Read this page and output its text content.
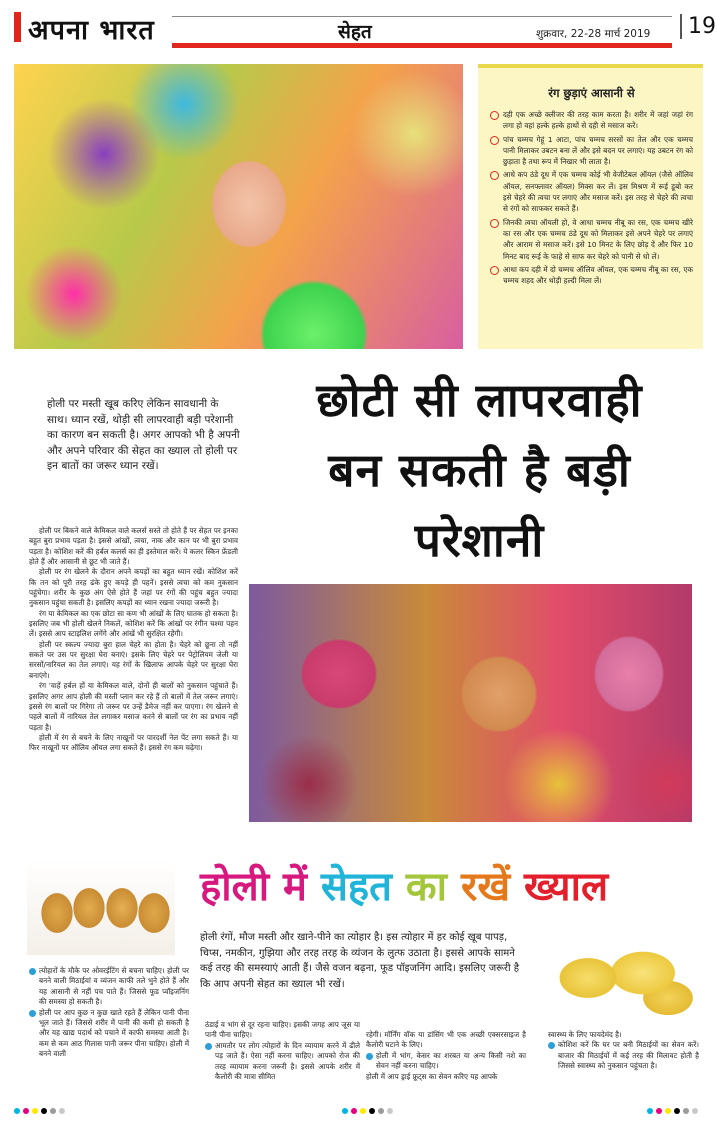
अपना भारत	सेहत	शुक्रवार, 22-28 मार्च 2019	19
रंग छुड़ाएं आसानी से
दही एक अच्छे क्लीजर की तरह काम करता है। शरीर में जहां जहां रंग लगा हो वहां हल्के हल्के हाथों से दही से मसाज करें।
पांच चम्मच गेहूं 1 आटा, पांच चम्मच सरसों का तेल और एक चम्मच पानी मिलाकर उबटन बना लें और इसे बदन पर लगाएं। यह उबटन रंग को छुड़ाता है तथा रूप में निखार भी लाता है।
आधे कप ठंडे दूध में एक चम्मच कोई भी वेजीटेबल ऑयल (जैसे ऑलिव ऑयल, सनफ्लावर ऑयल) मिक्स कर लें। इस मिश्रण में रूई डूबो कर इसे चेहरे की त्वचा पर लगाएं और मसाज करें। इस तरह से चेहरे की त्वचा से रंगों को साफकर सकते हैं।
जिनकी त्वचा ऑयली हो, वे आधा चम्मच नीबू का रस, एक चम्मच खीरे का रस और एक चम्मच ठंडे दूध को मिलाकर इसे अपने चेहरे पर लगाएं और आराम से मसाज करें। इसे 10 मिनट के लिए छोड़ दें और फिर 10 मिनट बाद रूई के फाहे से साफ कर चेहरे को पानी से धो लें।
आधा कप दही में दो चम्मच ऑलिव ऑयल, एक चम्मच नीबू का रस, एक चम्मच शहद और थोड़ी हल्दी मिला लें।
छोटी सी लापरवाही
बन सकती है बड़ी
परेशानी
होली पर मस्ती खूब करिए लेकिन सावधानी के साथ। ध्यान रखें, थोड़ी सी लापरवाही बड़ी परेशानी का कारण बन सकती है। अगर आपको भी है अपनी और अपने परिवार की सेहत का ख्याल तो होली पर इन बातों का जरूर ध्यान रखें।

होली पर बिकने वाले केमिकल वाले कलर्स सस्ते तो होते हैं पर सेहत पर इनका बहुत बुरा प्रभाव पड़ता है। इससे आंखों, त्वचा, नाक और कान पर भी बुरा प्रभाव पड़ता है। कोशिश करें की हर्बल कलर्स का ही इस्तेमाल करें। ये कलर स्किन फ्रेंडली होते हैं और आसानी से छूट भी जाते हैं।

होली पर रंग खेलने के दौरान अपने कपड़ों का बहुत ध्यान रखें। कोशिश करें कि तन को पूरी तरह ढंके हुए कपड़े ही पहनें। इससे त्वचा को कम नुकसान पहुंचेगा। शरीर के कुछ अंग ऐसे होते हैं जहां पर रंगों की पहुंच बहुत ज्यादा नुकसान पहुंचा सकती है। इसलिए कपड़ों का ध्यान रखना ज्यादा जरूरी है।

रंग या केमिकल का एक छोटा सा कण भी आंखों के लिए घातक हो सकता है। इसलिए जब भी होली खेलने निकलें, कोशिश करें कि आंखों पर रंगीन चश्मा पहन लें। इससे आप स्टाइलिश लगेंगे और आंखें भी सुरक्षित रहेंगी।

होली पर स्कल्प ज्यादा बुरा हाल चेहरे का होता है। चेहरे को छूना तो नहीं सकते पर उस पर सुरक्षा घेरा बनाएं। इसके लिए चेहरे पर पेट्रोलियम जेली या सरसों/नारियल का तेल लगाएं। यह रंगों के खिलाफ आपके चेहरे पर सुरक्षा घेरा बनाएंगे।

रंग 'वाहें हर्बल हों या केमिकल वाले, दोनों ही बालों को नुकसान पहुंचाते हैं। इसलिए अगर आप होली की मस्ती प्लान कर रहे हैं तो बालों में तेल जरूर लगाएं। इससे रंग बालों पर गिरेगा तो जरूर पर उन्हें डैमेज नहीं कर पाएगा। रंग खेलने से पहले बालों में नारियल तेल लगाकर मसाज करने से बालों पर रंग का प्रभाव नहीं पड़ता है।

होली में रंग से बचने के लिए नाखूनों पर पारदर्शी नेल पेंट लगा सकते हैं। या फिर नाखूनों पर ऑलिव ऑयल लगा सकते हैं। इससे रंग कम चढ़ेगा।

होली में सेहत का रखें ख्याल
होली रंगों, मौज मस्ती और खाने-पीने का त्योहार है। इस त्योहार में हर कोई खूब पापड़, चिप्स, नमकीन, गुझिया और तरह तरह के व्यंजन के लुत्फ उठाता है। इससे आपके सामने कई तरह की समस्याएं आती हैं। जैसे वजन बढ़ना, फूड पॉइजनिंग आदि। इसलिए जरूरी है कि आप अपनी सेहत का ख्याल भी रखें।
त्योहारों के मौके पर ओवरईटिंग से बचना चाहिए। होली पर बनने वाली मिठाईयां व व्यंजन काफी तले भुने होते हैं और यह आसानी से नहीं पच पाते हैं। जिससे फूड प्वॉइजनिंग की समस्या हो सकती है।
होली पर आप कुछ न कुछ खाते रहते हैं लेकिन पानी पीना भूल जाते हैं। जिससे शरीर में पानी की कमी हो सकती है और यह खाद्य पदार्थ को पचाने में काफी समस्या आती है। कम से कम आठ गिलास पानी जरूर पीना चाहिए। होली में बनने वाली
ठंडाई व भांग से दूर रहना चाहिए। इसकी जगह आप जूस या पानी पीना चाहिए।
आमतौर पर लोग त्योहारों के दिन व्यायाम करने में ढीले पड़ जाते हैं। ऐसा नहीं करना चाहिए। आपको रोज की तरह व्यायाम करना जरूरी है। इससे आपके शरीर में कैलोरी की मात्रा सीमित
रहेगी। मॉर्निंग वॉक या डांसिंग भी एक अच्छी एक्सरसाइज है कैलोरी घटाने के लिए।
होली में भांग, केसर का शरबत या अन्य किसी नशे का सेवन नहीं करना चाहिए।
होली में आप ड्राई फ्रूट्स का सेवन करिए यह आपके
स्वास्थ्य के लिए फायदेमंद है।
कोशिश करें कि घर पर बनी मिठाईयों का सेवन करें। बाजार की मिठाईयों में कई तरह की मिलावट होती है जिससे स्वास्थ्य को नुकसान पहुंचता है।
